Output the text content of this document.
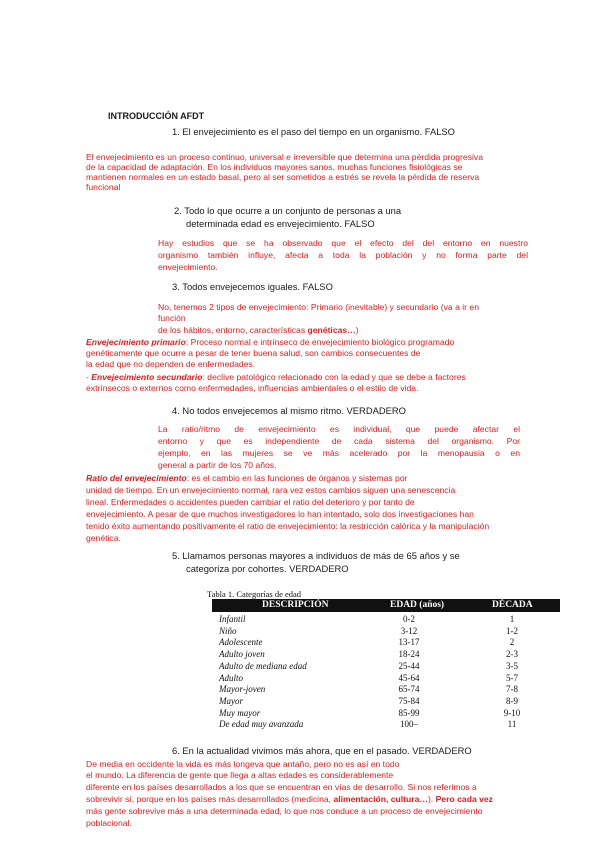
INTRODUCCIÓN AFDT
1. El envejecimiento es el paso del tiempo en un organismo. FALSO
El envejecimiento es un proceso continuo, universal e irreversible que determina una pérdida progresiva
de la capacidad de adaptación. En los individuos mayores sanos, muchas funciones fisiológicas se
mantienen normales en un estado basal, pero al ser sometidos a estrés se revela la pérdida de reserva
funcional
2. Todo lo que ocurre a un conjunto de personas a una
determinada edad es envejecimiento. FALSO
Hay estudios que se ha observado que el efecto del del entorno en nuestro
organismo también influye, afecta a toda la población y no forma parte del
envejecimiento.
3. Todos envejecemos iguales. FALSO
No, tenemos 2 tipos de envejecimiento: Primario (inevitable) y secundario (va a ir en
función
de los hábitos, entorno, características genéticas…)
Envejecimiento primario: Proceso normal e intrínseco de envejecimiento biológico programado
genéticamente que ocurre a pesar de tener buena salud, son cambios consecuentes de
la edad que no dependen de enfermedades.
- Envejecimiento secundario: declive patológico relacionado con la edad y que se debe a factores
extrínsecos o externos como enfermedades, influencias ambientales o el estilo de vida.
4. No todos envejecemos al mismo ritmo. VERDADERO
La ratio/ritmo de envejecimiento es individual, que puede afectar el
entorno y que es independiente de cada sistema del organismo. Por
ejemplo, en las mujeres se ve más acelerado por la menopausia o en
general a partir de los 70 años.
Ratio del envejecimiento: es el cambio en las funciones de órganos y sistemas por
unidad de tiempo. En un envejecimiento normal, rara vez estos cambios siguen una senescencia
lineal. Enfermedades o accidentes pueden cambiar el ratio del deterioro y por tanto de
envejecimiento. A pesar de que muchos investigadores lo han intentado, solo dos investigaciones han
tenido éxito aumentando positivamente el ratio de envejecimiento: la restricción calórica y la manipulación
genética.
5. Llamamos personas mayores a individuos de más de 65 años y se
categoriza por cohortes. VERDADERO
Tabla 1. Categorías de edad
DESCRIPCIÓN	EDAD (años)	DÉCADA
Infantil	0-2	1
Niño	3-12	1-2
Adolescente	13-17	2
Adulto joven	18-24	2-3
Adulto de mediana edad	25-44	3-5
Adulto	45-64	5-7
Mayor-joven	65-74	7-8
Mayor	75-84	8-9
Muy mayor	85-99	9-10
De edad muy avanzada	100–	11
6. En la actualidad vivimos más ahora, que en el pasado. VERDADERO
De media en occidente la vida es más longeva que antaño, pero no es así en todo
el mundo. La diferencia de gente que llega a altas edades es considerablemente
diferente en los países desarrollados a los que se encuentran en vías de desarrollo. Si nos referimos a
sobrevivir sí, porque en los países más desarrollados (medicina, alimentación, cultura…). Pero cada vez
más gente sobrevive más a una determinada edad, lo que nos conduce a un proceso de envejecimiento
poblacional.
